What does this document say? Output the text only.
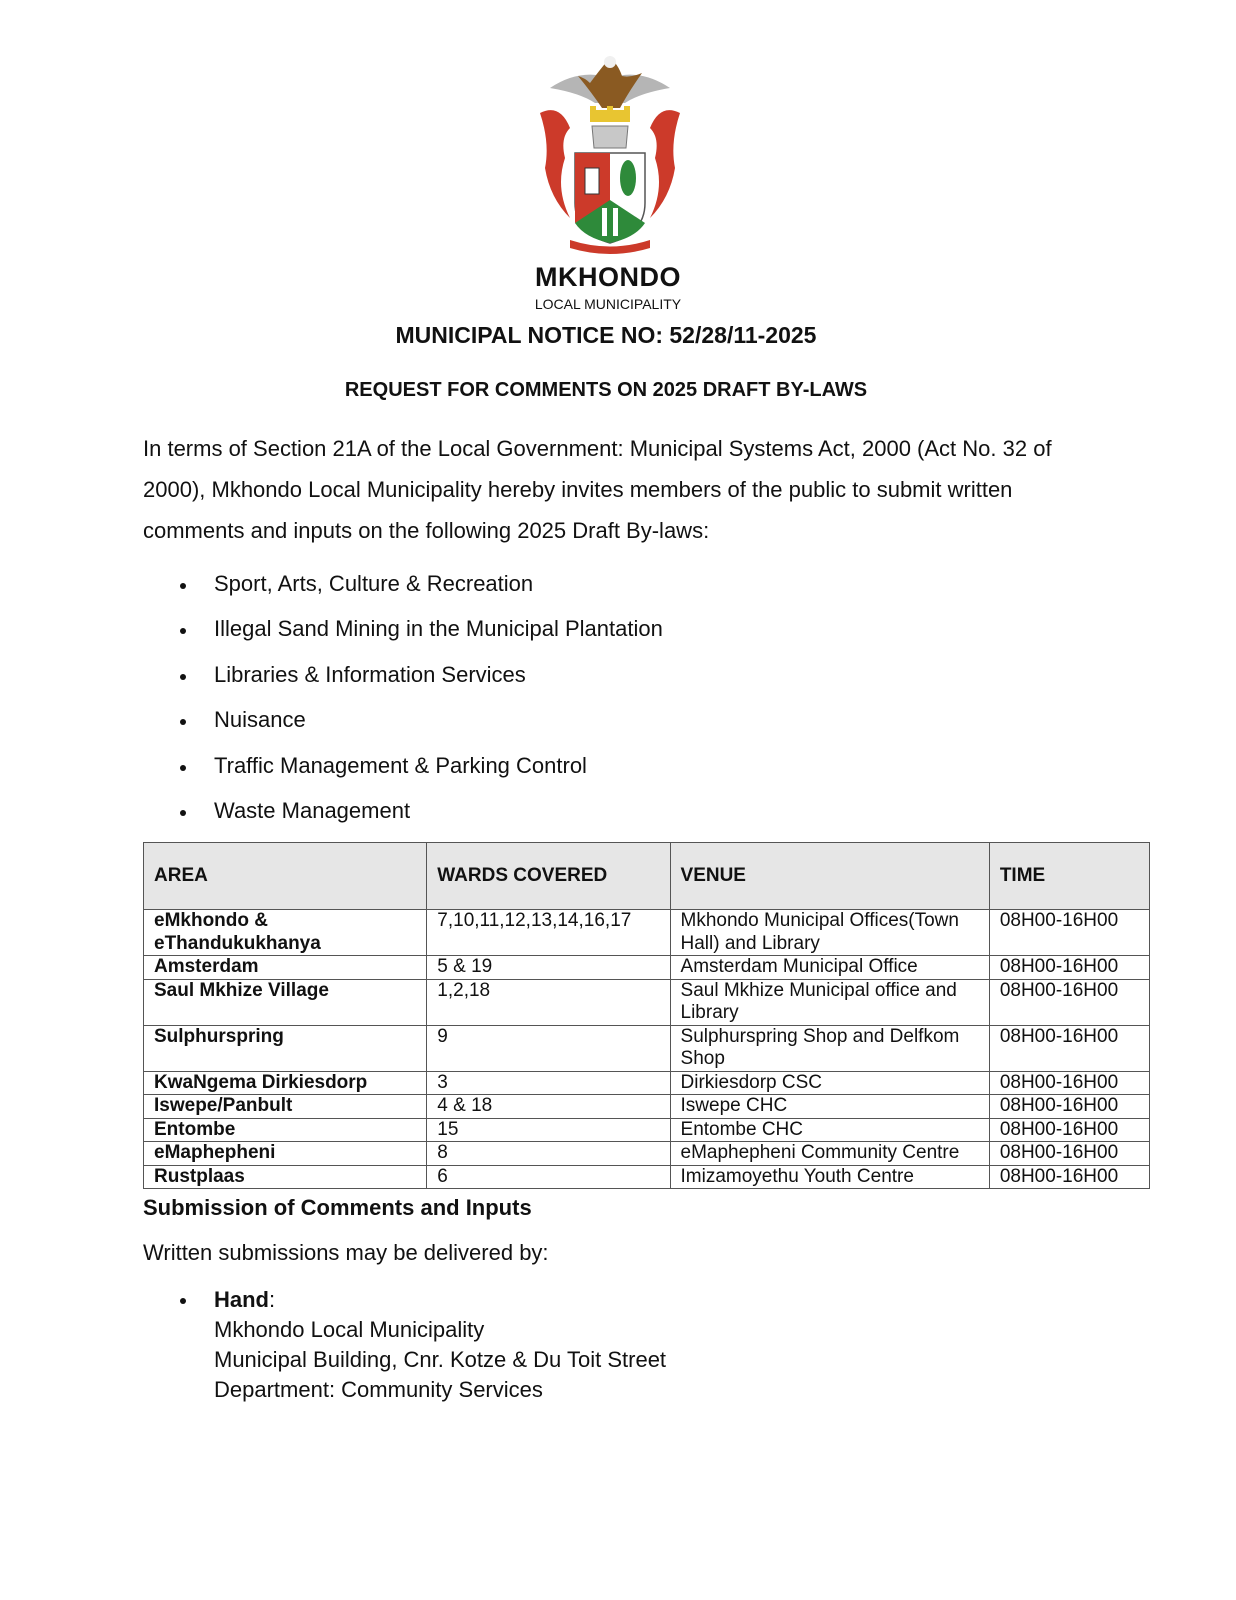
MKHONDO
LOCAL MUNICIPALITY
MUNICIPAL NOTICE NO: 52/28/11-2025
REQUEST FOR COMMENTS ON 2025 DRAFT BY-LAWS
In terms of Section 21A of the Local Government: Municipal Systems Act, 2000 (Act No. 32 of 2000), Mkhondo Local Municipality hereby invites members of the public to submit written comments and inputs on the following 2025 Draft By-laws:
Sport, Arts, Culture & Recreation
Illegal Sand Mining in the Municipal Plantation
Libraries & Information Services
Nuisance
Traffic Management & Parking Control
Waste Management
AREA	WARDS COVERED	VENUE	TIME
eMkhondo & eThandukukhanya	7,10,11,12,13,14,16,17	Mkhondo Municipal Offices(Town Hall) and Library	08H00-16H00
Amsterdam	5 & 19	Amsterdam Municipal Office	08H00-16H00
Saul Mkhize Village	1,2,18	Saul Mkhize Municipal office and Library	08H00-16H00
Sulphurspring	9	Sulphurspring Shop and Delfkom Shop	08H00-16H00
KwaNgema Dirkiesdorp	3	Dirkiesdorp CSC	08H00-16H00
Iswepe/Panbult	4 & 18	Iswepe CHC	08H00-16H00
Entombe	15	Entombe CHC	08H00-16H00
eMaphepheni	8	eMaphepheni Community Centre	08H00-16H00
Rustplaas	6	Imizamoyethu Youth Centre	08H00-16H00
Submission of Comments and Inputs
Written submissions may be delivered by:
Hand:
Mkhondo Local Municipality
Municipal Building, Cnr. Kotze & Du Toit Street
Department: Community Services
